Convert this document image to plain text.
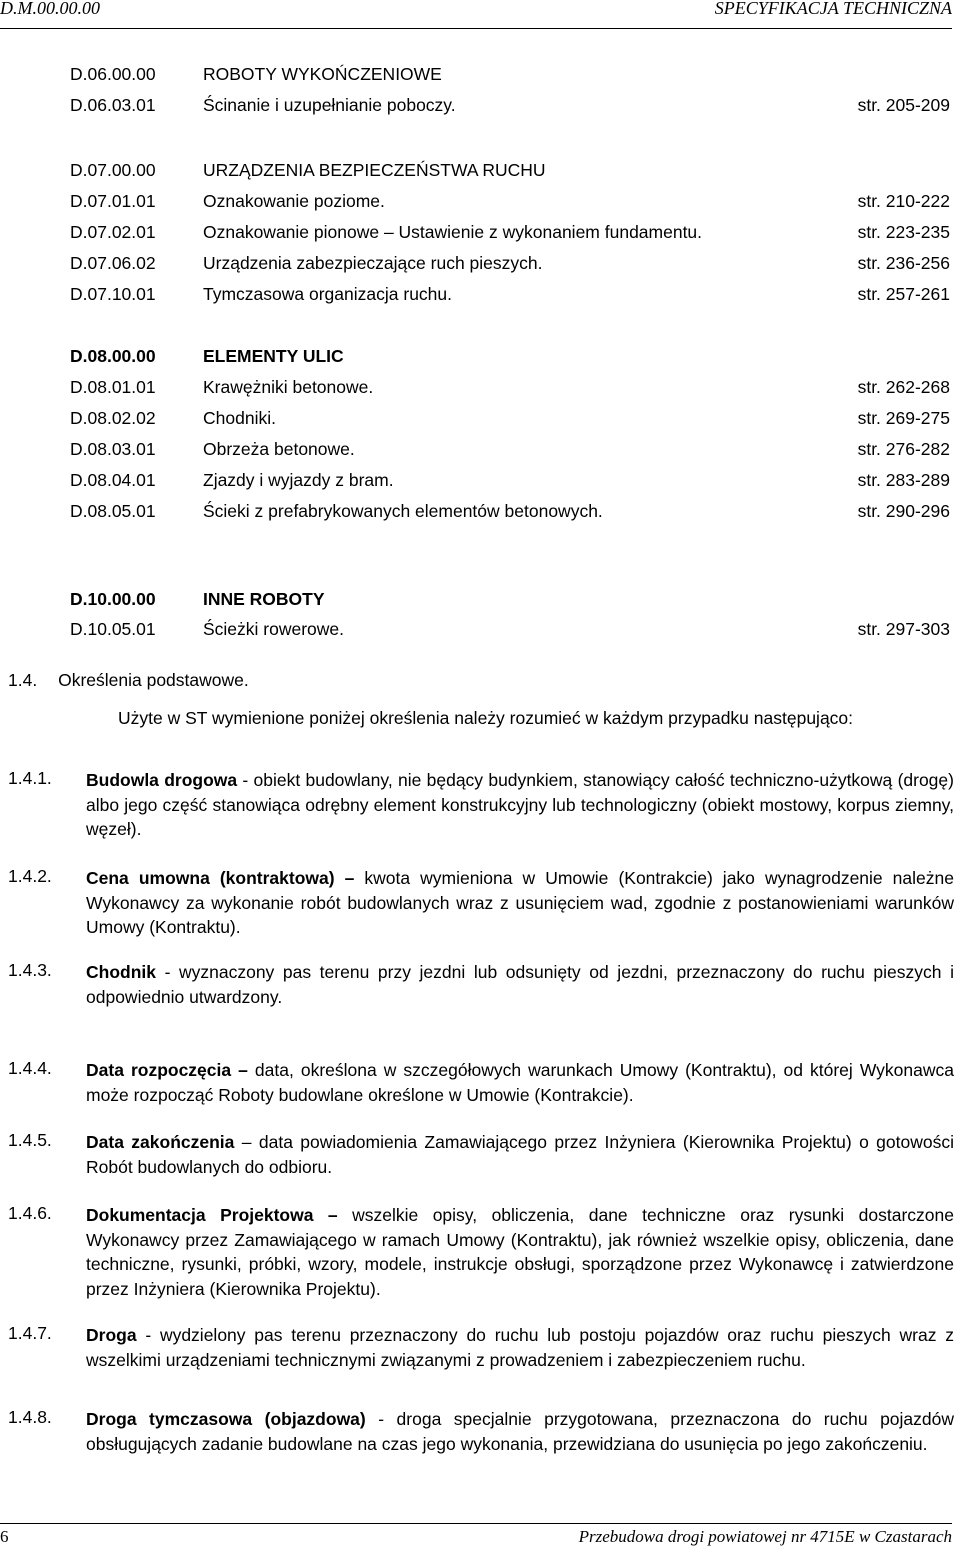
D.M.00.00.00	SPECYFIKACJA TECHNICZNA
D.06.00.00	ROBOTY WYKOŃCZENIOWE
D.06.03.01	Ścinanie i uzupełnianie poboczy.	str. 205-209
D.07.00.00	URZĄDZENIA BEZPIECZEŃSTWA RUCHU
D.07.01.01	Oznakowanie poziome.	str. 210-222
D.07.02.01	Oznakowanie pionowe – Ustawienie z wykonaniem fundamentu.	str. 223-235
D.07.06.02	Urządzenia zabezpieczające ruch pieszych.	str. 236-256
D.07.10.01	Tymczasowa organizacja ruchu.	str. 257-261
D.08.00.00	ELEMENTY ULIC
D.08.01.01	Krawężniki betonowe.	str. 262-268
D.08.02.02	Chodniki.	str. 269-275
D.08.03.01	Obrzeża betonowe.	str. 276-282
D.08.04.01	Zjazdy i wyjazdy z bram.	str. 283-289
D.08.05.01	Ścieki z prefabrykowanych elementów betonowych.	str. 290-296
D.10.00.00	INNE ROBOTY
D.10.05.01	Ścieżki rowerowe.	str. 297-303
1.4. Określenia podstawowe.
Użyte w ST wymienione poniżej określenia należy rozumieć w każdym przypadku następująco:
1.4.1. Budowla drogowa - obiekt budowlany, nie będący budynkiem, stanowiący całość techniczno-użytkową (drogę) albo jego część stanowiąca odrębny element konstrukcyjny lub technologiczny (obiekt mostowy, korpus ziemny, węzeł).
1.4.2. Cena umowna (kontraktowa) – kwota wymieniona w Umowie (Kontrakcie) jako wynagrodzenie należne Wykonawcy za wykonanie robót budowlanych wraz z usunięciem wad, zgodnie z postanowieniami warunków Umowy (Kontraktu).
1.4.3. Chodnik - wyznaczony pas terenu przy jezdni lub odsunięty od jezdni, przeznaczony do ruchu pieszych i odpowiednio utwardzony.
1.4.4. Data rozpoczęcia – data, określona w szczegółowych warunkach Umowy (Kontraktu), od której Wykonawca może rozpocząć Roboty budowlane określone w Umowie (Kontrakcie).
1.4.5. Data zakończenia – data powiadomienia Zamawiającego przez Inżyniera (Kierownika Projektu) o gotowości Robót budowlanych do odbioru.
1.4.6. Dokumentacja Projektowa – wszelkie opisy, obliczenia, dane techniczne oraz rysunki dostarczone Wykonawcy przez Zamawiającego w ramach Umowy (Kontraktu), jak również wszelkie opisy, obliczenia, dane techniczne, rysunki, próbki, wzory, modele, instrukcje obsługi, sporządzone przez Wykonawcę i zatwierdzone przez Inżyniera (Kierownika Projektu).
1.4.7. Droga - wydzielony pas terenu przeznaczony do ruchu lub postoju pojazdów oraz ruchu pieszych wraz z wszelkimi urządzeniami technicznymi związanymi z prowadzeniem i zabezpieczeniem ruchu.
1.4.8. Droga tymczasowa (objazdowa) - droga specjalnie przygotowana, przeznaczona do ruchu pojazdów obsługujących zadanie budowlane na czas jego wykonania, przewidziana do usunięcia po jego zakończeniu.
6	Przebudowa drogi powiatowej nr 4715E w Czastarach
